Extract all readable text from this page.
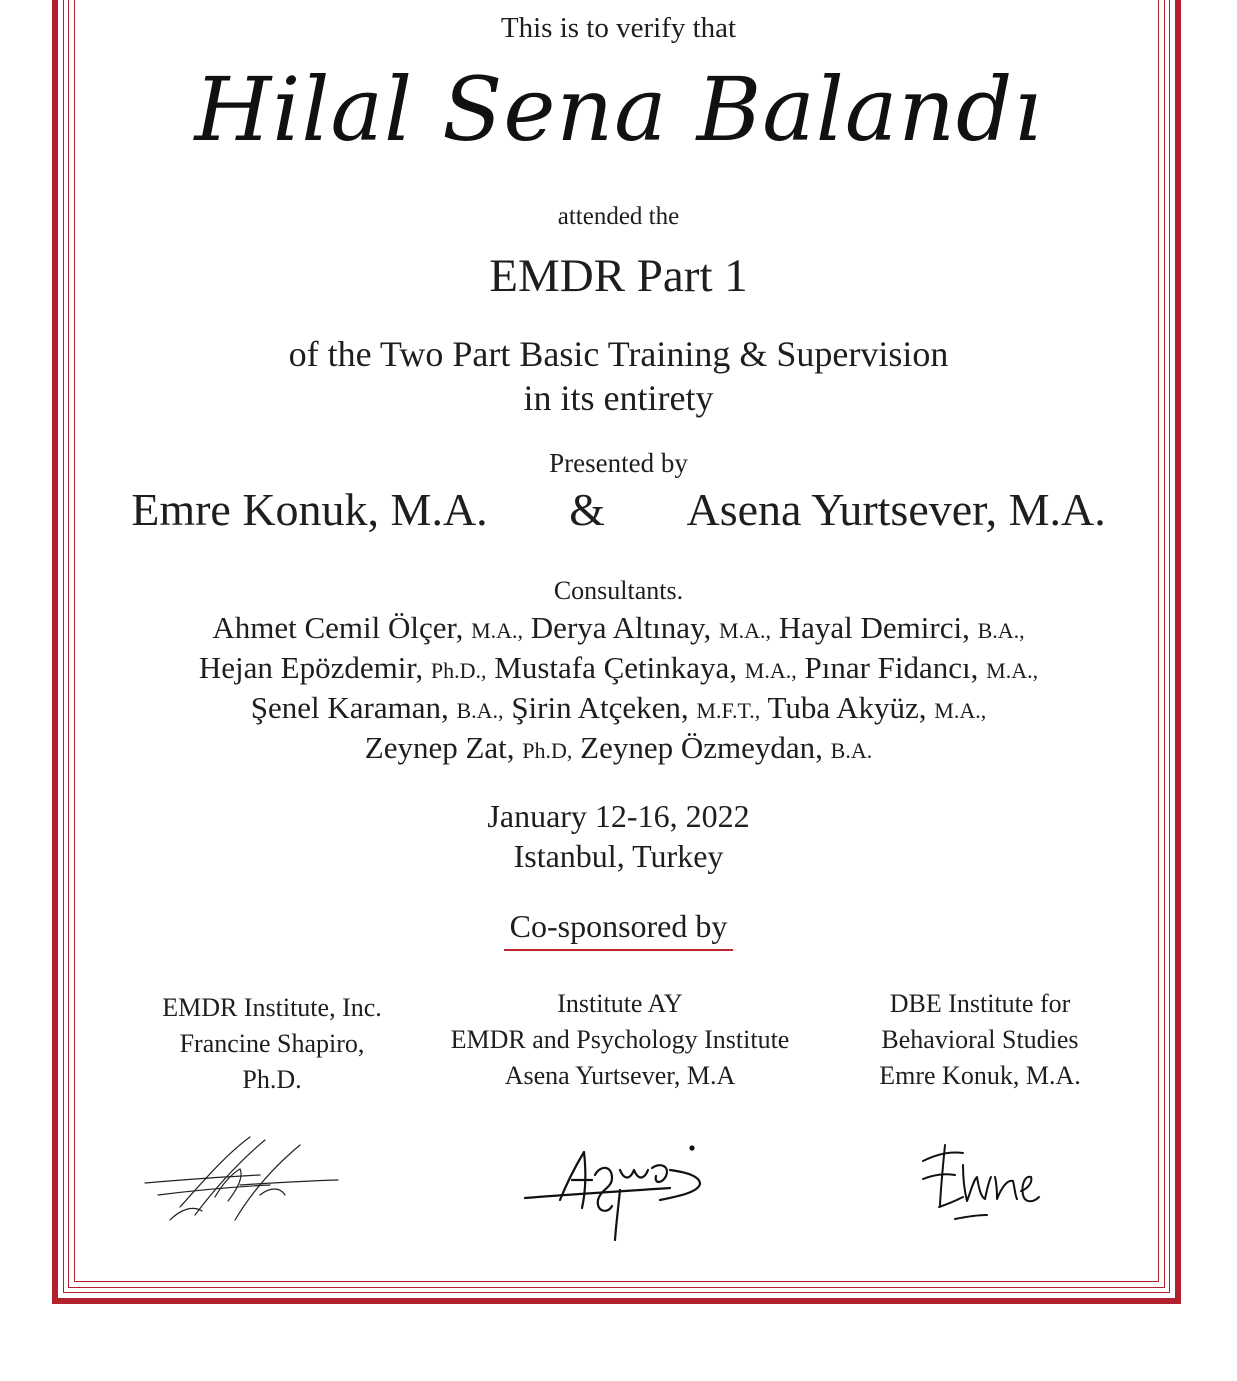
This is to verify that
Hilal Sena Balandı
attended the
EMDR Part 1
of the Two Part Basic Training & Supervision
in its entirety
Presented by
Emre Konuk, M.A. & Asena Yurtsever, M.A.
Consultants.
Ahmet Cemil Ölçer, M.A., Derya Altınay, M.A., Hayal Demirci, B.A.,
Hejan Epözdemir, Ph.D., Mustafa Çetinkaya, M.A., Pınar Fidancı, M.A.,
Şenel Karaman, B.A., Şirin Atçeken, M.F.T., Tuba Akyüz, M.A.,
Zeynep Zat, Ph.D, Zeynep Özmeydan, B.A.
January 12-16, 2022
Istanbul, Turkey
Co-sponsored by
EMDR Institute, Inc.
Francine Shapiro,
Ph.D.
Institute AY
EMDR and Psychology Institute
Asena Yurtsever, M.A
DBE Institute for
Behavioral Studies
Emre Konuk, M.A.
